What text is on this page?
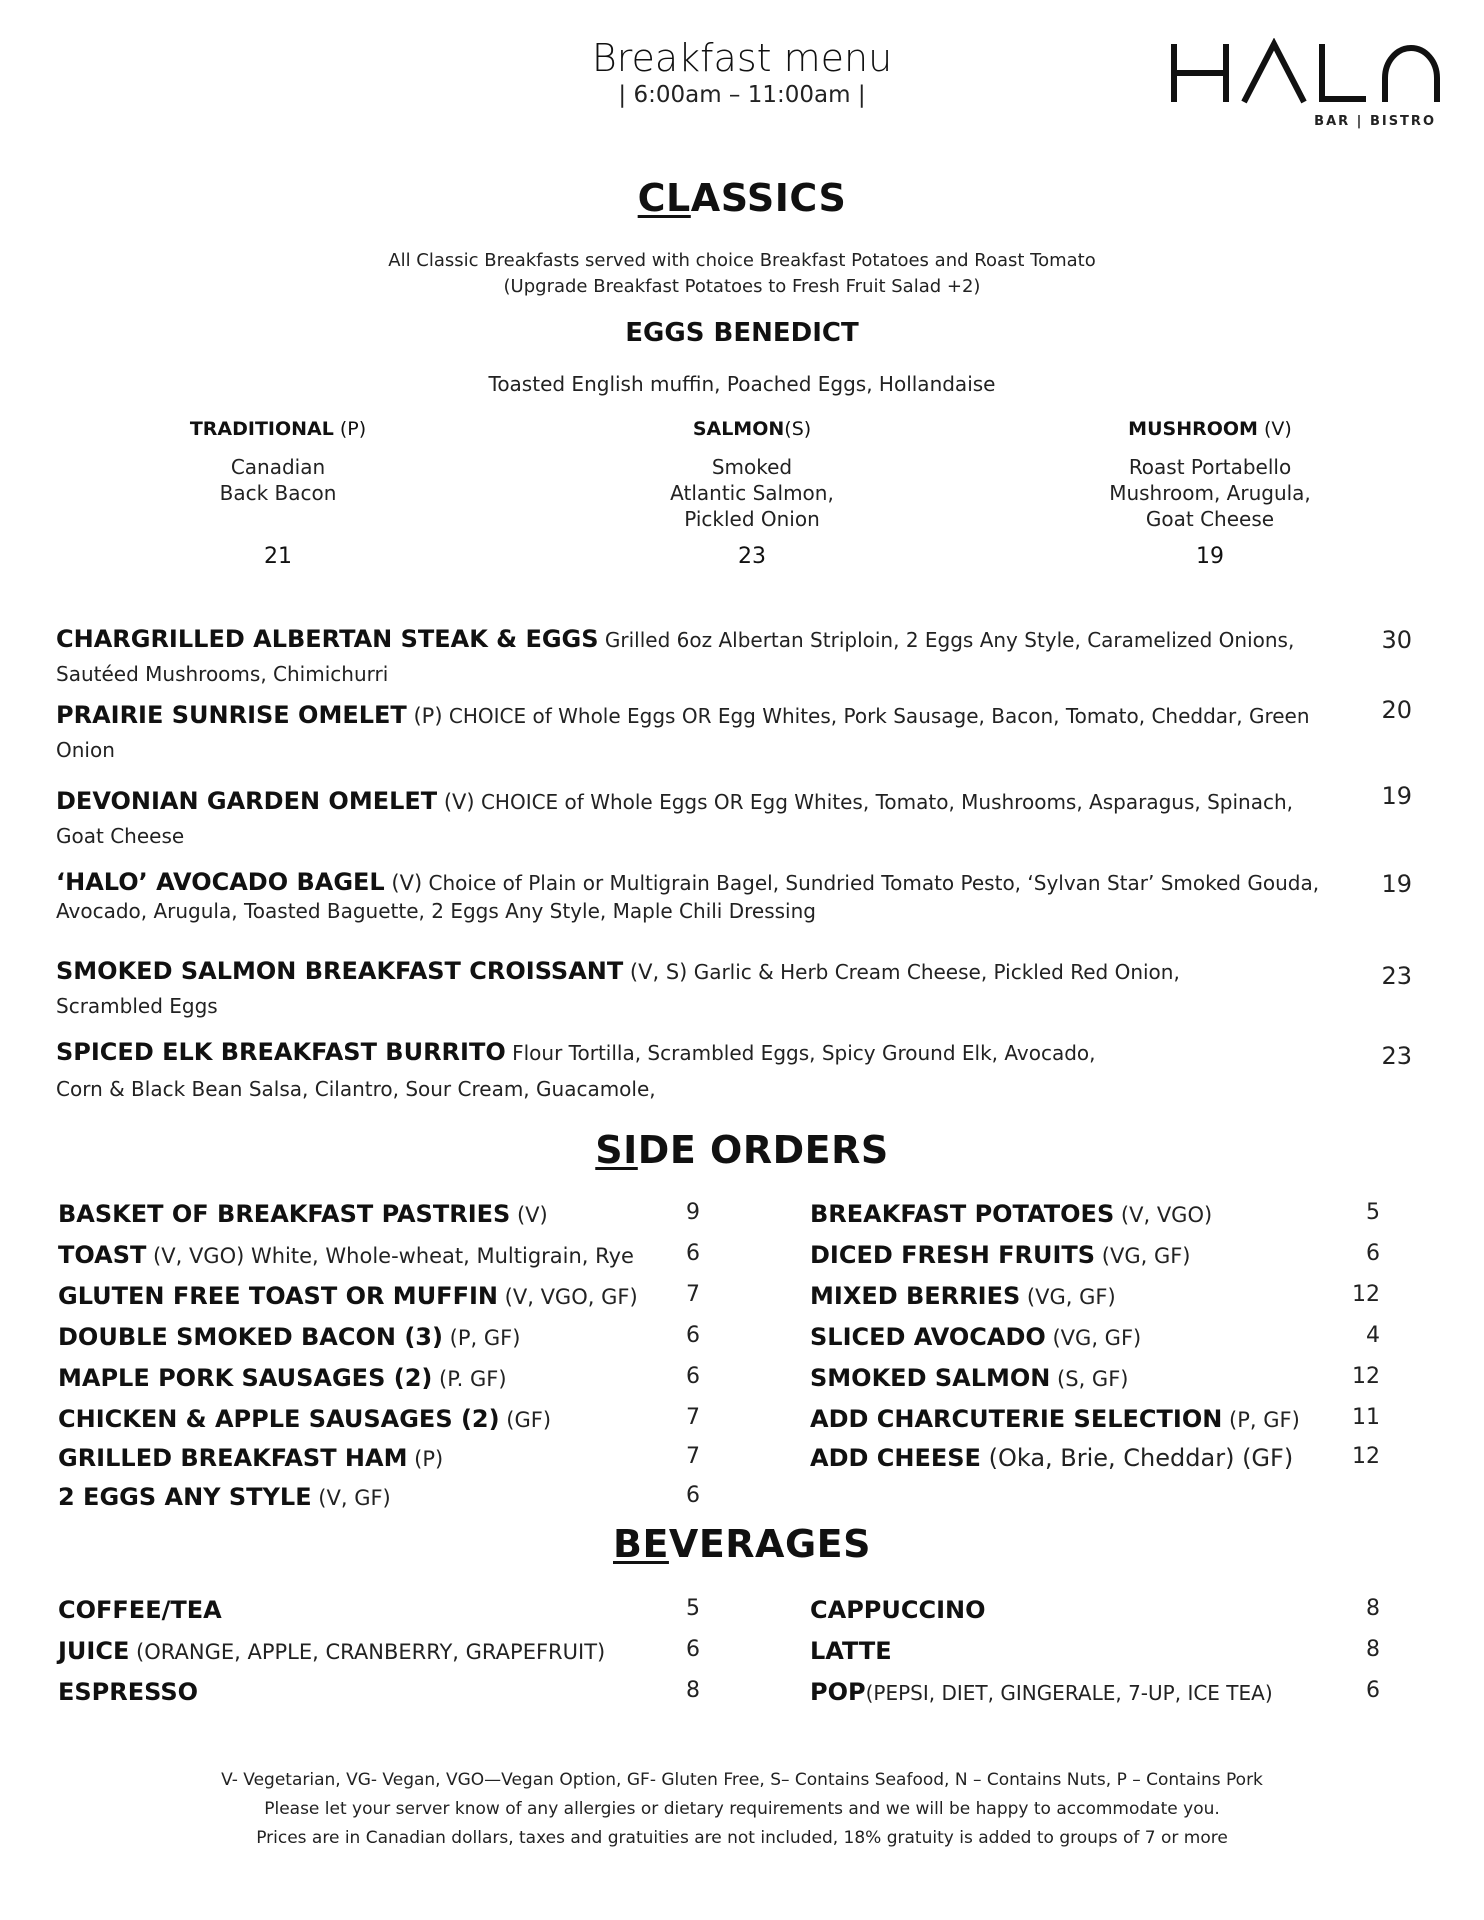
Breakfast menu
| 6:00am – 11:00am |
BAR | BISTRO
CLASSICS
All Classic Breakfasts served with choice Breakfast Potatoes and Roast Tomato
(Upgrade Breakfast Potatoes to Fresh Fruit Salad +2)
EGGS BENEDICT
Toasted English muffin, Poached Eggs, Hollandaise
TRADITIONAL (P)
Canadian
Back Bacon
21
SALMON(S)
Smoked
Atlantic Salmon,
Pickled Onion
23
MUSHROOM (V)
Roast Portabello
Mushroom, Arugula,
Goat Cheese
19
CHARGRILLED ALBERTAN STEAK & EGGS Grilled 6oz Albertan Striploin, 2 Eggs Any Style, Caramelized Onions, Sautéed Mushrooms, Chimichurri
30
PRAIRIE SUNRISE OMELET (P) CHOICE of Whole Eggs OR Egg Whites, Pork Sausage, Bacon, Tomato, Cheddar, Green Onion
20
DEVONIAN GARDEN OMELET (V) CHOICE of Whole Eggs OR Egg Whites, Tomato, Mushrooms, Asparagus, Spinach, Goat Cheese
19
‘HALO’ AVOCADO BAGEL (V) Choice of Plain or Multigrain Bagel, Sundried Tomato Pesto, ‘Sylvan Star’ Smoked Gouda, Avocado, Arugula, Toasted Baguette, 2 Eggs Any Style, Maple Chili Dressing
19
SMOKED SALMON BREAKFAST CROISSANT (V, S) Garlic & Herb Cream Cheese, Pickled Red Onion, Scrambled Eggs
23
SPICED ELK BREAKFAST BURRITO Flour Tortilla, Scrambled Eggs, Spicy Ground Elk, Avocado, Corn & Black Bean Salsa, Cilantro, Sour Cream, Guacamole,
23
SIDE ORDERS
BASKET OF BREAKFAST PASTRIES (V)	9
TOAST (V, VGO) White, Whole-wheat, Multigrain, Rye	6
GLUTEN FREE TOAST OR MUFFIN (V, VGO, GF)	7
DOUBLE SMOKED BACON (3) (P, GF)	6
MAPLE PORK SAUSAGES (2) (P. GF)	6
CHICKEN & APPLE SAUSAGES (2) (GF)	7
GRILLED BREAKFAST HAM (P)	7
2 EGGS ANY STYLE (V, GF)	6
BREAKFAST POTATOES (V, VGO)	5
DICED FRESH FRUITS (VG, GF)	6
MIXED BERRIES (VG, GF)	12
SLICED AVOCADO (VG, GF)	4
SMOKED SALMON (S, GF)	12
ADD CHARCUTERIE SELECTION (P, GF)	11
ADD CHEESE (Oka, Brie, Cheddar) (GF)	12
BEVERAGES
COFFEE/TEA	5
JUICE (ORANGE, APPLE, CRANBERRY, GRAPEFRUIT)	6
ESPRESSO	8
CAPPUCCINO	8
LATTE	8
POP(PEPSI, DIET, GINGERALE, 7-UP, ICE TEA)	6
V- Vegetarian, VG- Vegan, VGO—Vegan Option, GF- Gluten Free, S– Contains Seafood, N – Contains Nuts, P – Contains Pork
Please let your server know of any allergies or dietary requirements and we will be happy to accommodate you.
Prices are in Canadian dollars, taxes and gratuities are not included, 18% gratuity is added to groups of 7 or more
